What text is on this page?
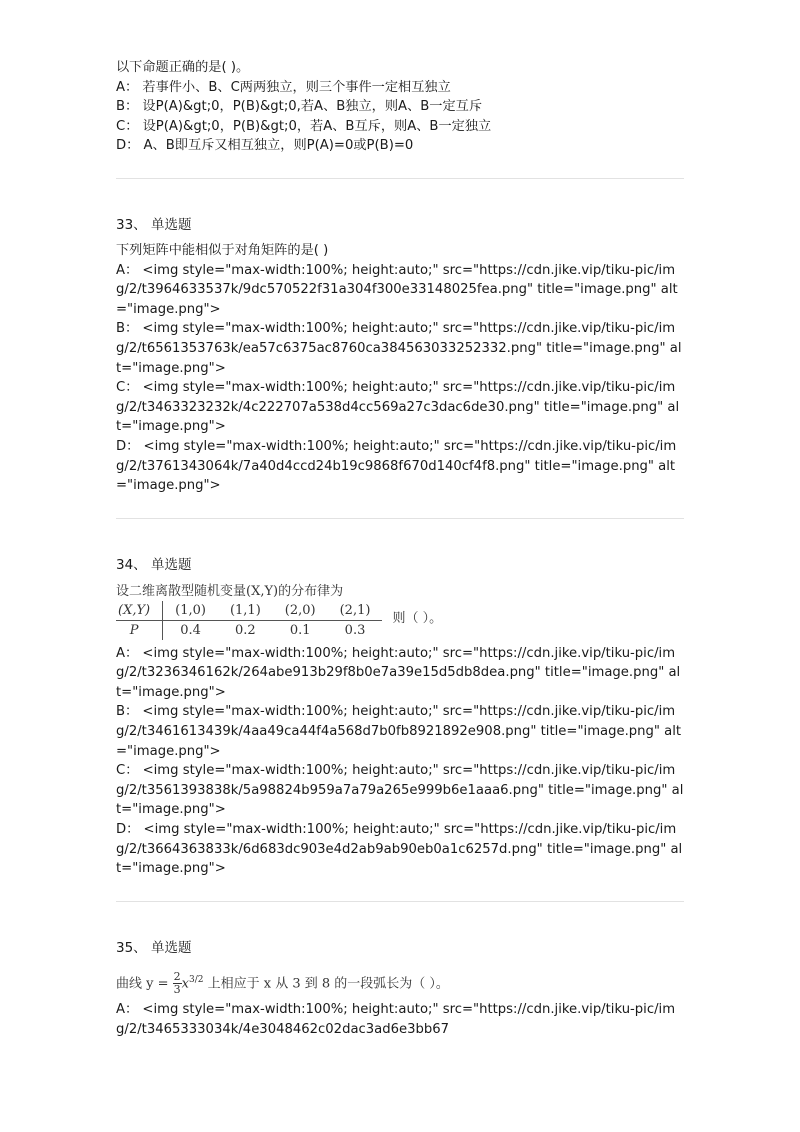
以下命题正确的是( )。
A： 若事件小、B、C两两独立，则三个事件一定相互独立
B： 设P(A)&gt;0，P(B)&gt;0,若A、B独立，则A、B一定互斥
C： 设P(A)&gt;0，P(B)&gt;0，若A、B互斥，则A、B一定独立
D： A、B即互斥又相互独立，则P(A)=0或P(B)=0
33、 单选题
下列矩阵中能相似于对角矩阵的是( )
A： <img style="max-width:100%; height:auto;" src="https://cdn.jike.vip/tiku-pic/img/2/t3964633537k/9dc570522f31a304f300e33148025fea.png" title="image.png" alt="image.png">
B： <img style="max-width:100%; height:auto;" src="https://cdn.jike.vip/tiku-pic/img/2/t6561353763k/ea57c6375ac8760ca384563033252332.png" title="image.png" alt="image.png">
C： <img style="max-width:100%; height:auto;" src="https://cdn.jike.vip/tiku-pic/img/2/t3463323232k/4c222707a538d4cc569a27c3dac6de30.png" title="image.png" alt="image.png">
D： <img style="max-width:100%; height:auto;" src="https://cdn.jike.vip/tiku-pic/img/2/t3761343064k/7a40d4ccd24b19c9868f670d140cf4f8.png" title="image.png" alt="image.png">
34、 单选题
设二维离散型随机变量(X,Y)的分布律为
(X,Y)	(1,0)	(1,1)	(2,0)	(2,1)
P	0.4	0.2	0.1	0.3
则（ ）。
A： <img style="max-width:100%; height:auto;" src="https://cdn.jike.vip/tiku-pic/img/2/t3236346162k/264abe913b29f8b0e7a39e15d5db8dea.png" title="image.png" alt="image.png">
B： <img style="max-width:100%; height:auto;" src="https://cdn.jike.vip/tiku-pic/img/2/t3461613439k/4aa49ca44f4a568d7b0fb8921892e908.png" title="image.png" alt="image.png">
C： <img style="max-width:100%; height:auto;" src="https://cdn.jike.vip/tiku-pic/img/2/t3561393838k/5a98824b959a7a79a265e999b6e1aaa6.png" title="image.png" alt="image.png">
D： <img style="max-width:100%; height:auto;" src="https://cdn.jike.vip/tiku-pic/img/2/t3664363833k/6d683dc903e4d2ab9ab90eb0a1c6257d.png" title="image.png" alt="image.png">
35、 单选题
曲线 $y = \frac{2}{3} x^{3/2}$ 上相应于 x 从 3 到 8 的一段弧长为（ ）。
A： <img style="max-width:100%; height:auto;" src="https://cdn.jike.vip/tiku-pic/img/2/t3465333034k/4e3048462c02dac3ad6e3bb67
